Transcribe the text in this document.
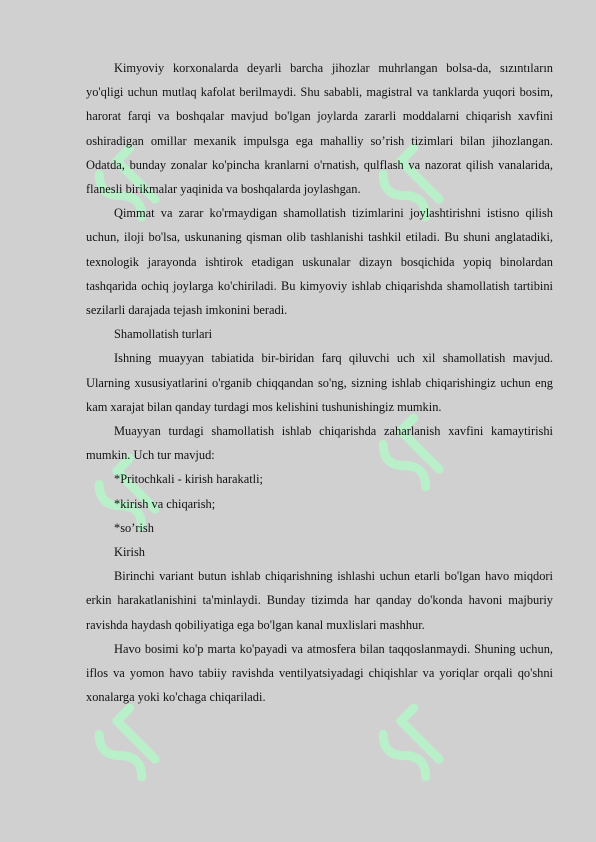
Kimyoviy korxonalarda deyarli barcha jihozlar muhrlangan bolsa-da, sızıntıların yo'qligi uchun mutlaq kafolat berilmaydi. Shu sababli, magistral va tanklarda yuqori bosim, harorat farqi va boshqalar mavjud bo'lgan joylarda zararli moddalarni chiqarish xavfini oshiradigan omillar mexanik impulsga ega mahalliy so’rish tizimlari bilan jihozlangan. Odatda, bunday zonalar ko'pincha kranlarni o'rnatish, qulflash va nazorat qilish vanalarida, flanesli birikmalar yaqinida va boshqalarda joylashgan.

Qimmat va zarar ko'rmaydigan shamollatish tizimlarini joylashtirishni istisno qilish uchun, iloji bo'lsa, uskunaning qisman olib tashlanishi tashkil etiladi. Bu shuni anglatadiki, texnologik jarayonda ishtirok etadigan uskunalar dizayn bosqichida yopiq binolardan tashqarida ochiq joylarga ko'chiriladi. Bu kimyoviy ishlab chiqarishda shamollatish tartibini sezilarli darajada tejash imkonini beradi.

Shamollatish turlari

Ishning muayyan tabiatida bir-biridan farq qiluvchi uch xil shamollatish mavjud. Ularning xususiyatlarini o'rganib chiqqandan so'ng, sizning ishlab chiqarishingiz uchun eng kam xarajat bilan qanday turdagi mos kelishini tushunishingiz mumkin.

Muayyan turdagi shamollatish ishlab chiqarishda zaharlanish xavfini kamaytirishi mumkin. Uch tur mavjud:

*Pritochkali - kirish harakatli;

*kirish va chiqarish;

*so’rish

Kirish

Birinchi variant butun ishlab chiqarishning ishlashi uchun etarli bo'lgan havo miqdori erkin harakatlanishini ta'minlaydi. Bunday tizimda har qanday do'konda havoni majburiy ravishda haydash qobiliyatiga ega bo'lgan kanal muxlislari mashhur.

Havo bosimi ko'p marta ko'payadi va atmosfera bilan taqqoslanmaydi. Shuning uchun, iflos va yomon havo tabiiy ravishda ventilyatsiyadagi chiqishlar va yoriqlar orqali qo'shni xonalarga yoki ko'chaga chiqariladi.
